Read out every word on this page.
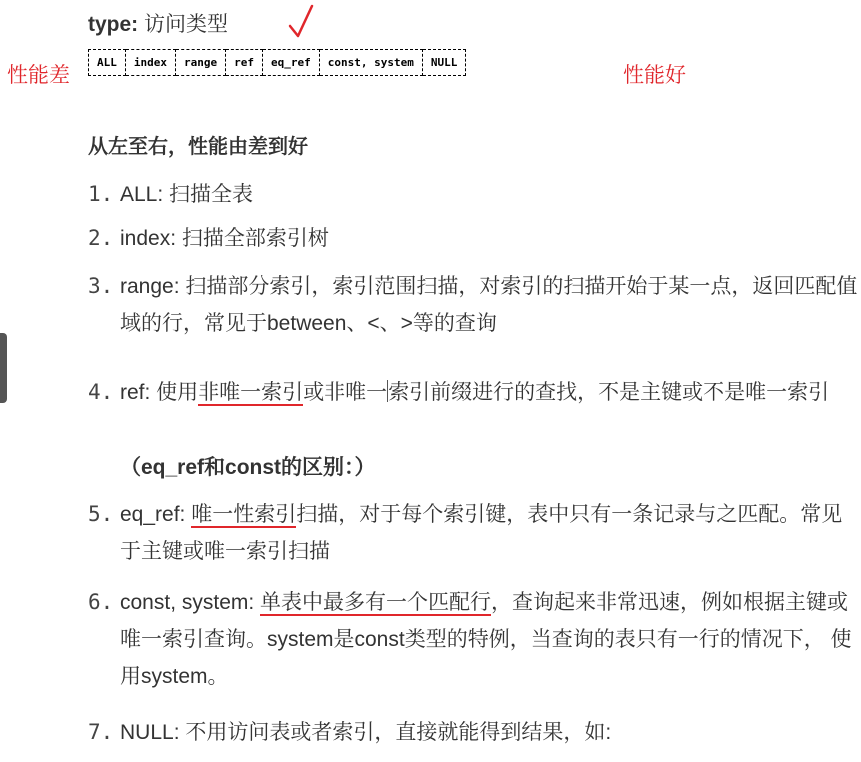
type: 访问类型
性能差	性能好
ALL	index	range	ref	eq_ref	const, system	NULL
从左至右，性能由差到好
1. ALL: 扫描全表
2. index: 扫描全部索引树
3. range: 扫描部分索引，索引范围扫描，对索引的扫描开始于某一点，返回匹配值域的行，常见于between、<、>等的查询
4. ref: 使用非唯一索引或非唯一索引前缀进行的查找，不是主键或不是唯一索引
（eq_ref和const的区别：）
5. eq_ref: 唯一性索引扫描，对于每个索引键，表中只有一条记录与之匹配。常见于主键或唯一索引扫描
6. const, system: 单表中最多有一个匹配行，查询起来非常迅速，例如根据主键或唯一索引查询。system是const类型的特例，当查询的表只有一行的情况下， 使用system。
7. NULL: 不用访问表或者索引，直接就能得到结果，如:
